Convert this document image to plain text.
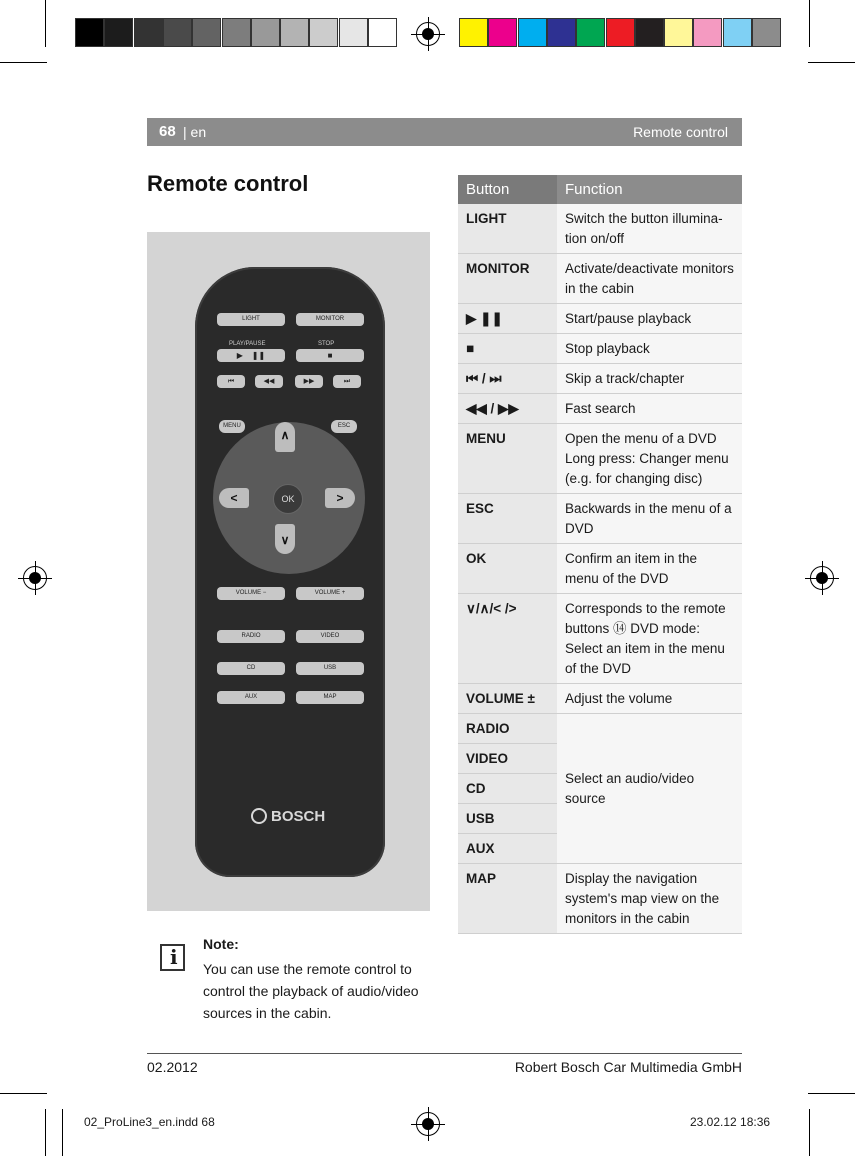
68 | en	Remote control
Remote control
LIGHT	MONITOR
PLAY/PAUSE	STOP
▶    ❚❚	■
⏮	◀◀	▶▶	⏭
MENU	ESC
∧
∨
<	>
OK
VOLUME −	VOLUME +
RADIO	VIDEO
CD	USB
AUX	MAP
BOSCH
i
Note:
You can use the remote control to control the playback of audio/video sources in the cabin.
Button	Function
LIGHT	Switch the button illumina-tion on/off
MONITOR	Activate/deactivate monitors in the cabin
▶ ❚❚	Start/pause playback
■	Stop playback
⏮ / ⏭	Skip a track/chapter
◀◀ / ▶▶	Fast search
MENU	Open the menu of a DVD Long press: Changer menu (e.g. for changing disc)
ESC	Backwards in the menu of a DVD
OK	Confirm an item in the menu of the DVD
∨/∧/< />	Corresponds to the remote buttons ⑭ DVD mode: Select an item in the menu of the DVD
VOLUME ±	Adjust the volume
RADIO	Select an audio/video source
VIDEO	
CD	
USB	
AUX	
MAP	Display the navigation system's map view on the monitors in the cabin
02.2012	Robert Bosch Car Multimedia GmbH
02_ProLine3_en.indd 68	23.02.12 18:36
